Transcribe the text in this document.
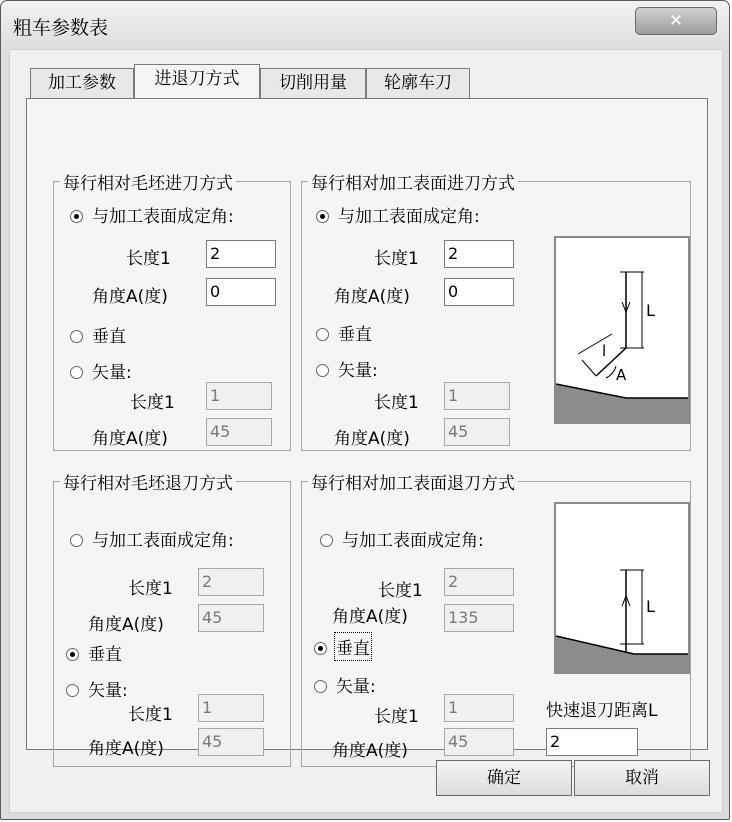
粗车参数表	✕
加工参数	进退刀方式	切削用量	轮廓车刀
每行相对毛坯进刀方式
与加工表面成定角:
长度1 2
角度A(度)	0
垂直
矢量:
长度1 1
角度A(度)	45
每行相对加工表面进刀方式
与加工表面成定角:
长度1 2
角度A(度) 0
垂直
矢量:
长度1 1
角度A(度) 45
L
l
A
每行相对毛坯退刀方式
与加工表面成定角:
长度1 2
角度A(度) 45
垂直
矢量:
长度1 1
角度A(度) 45
每行相对加工表面退刀方式
与加工表面成定角:
长度1 2
角度A(度)	135
垂直
矢量:
长度1 1
角度A(度)	45
L
快速退刀距离L
2
确定	取消
